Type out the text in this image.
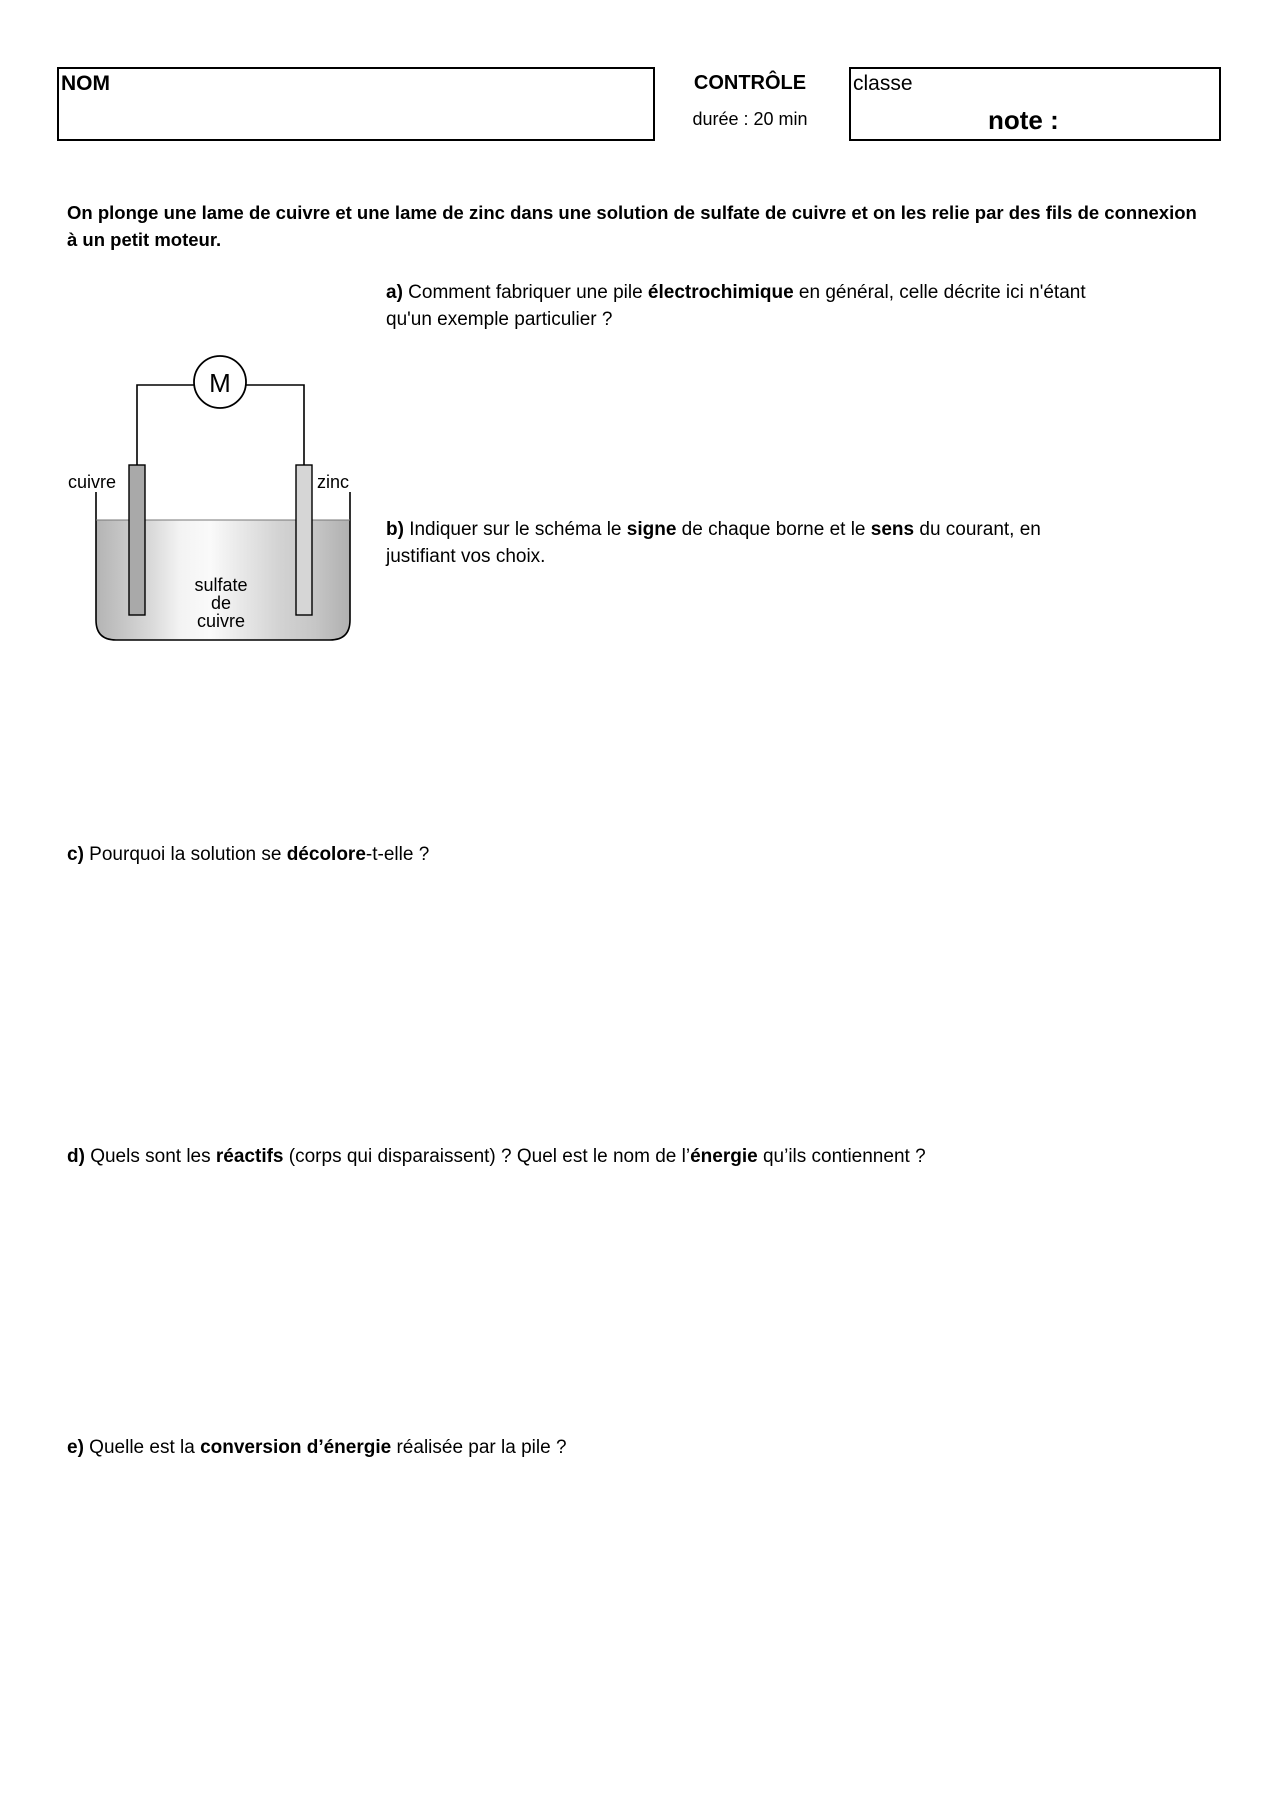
NOM	CONTRÔLE
durée : 20 min
classe
note :
On plonge une lame de cuivre et une lame de zinc dans une solution de sulfate de cuivre et on les relie par des fils de connexion
à un petit moteur.
a) Comment fabriquer une pile électrochimique en général, celle décrite ici n'étant
qu'un exemple particulier ?
M
cuivre	zinc
sulfate
de
cuivre
b) Indiquer sur le schéma le signe de chaque borne et le sens du courant, en
justifiant vos choix.
c) Pourquoi la solution se décolore-t-elle ?
d) Quels sont les réactifs (corps qui disparaissent) ? Quel est le nom de l’énergie qu’ils contiennent ?
e) Quelle est la conversion d’énergie réalisée par la pile ?
